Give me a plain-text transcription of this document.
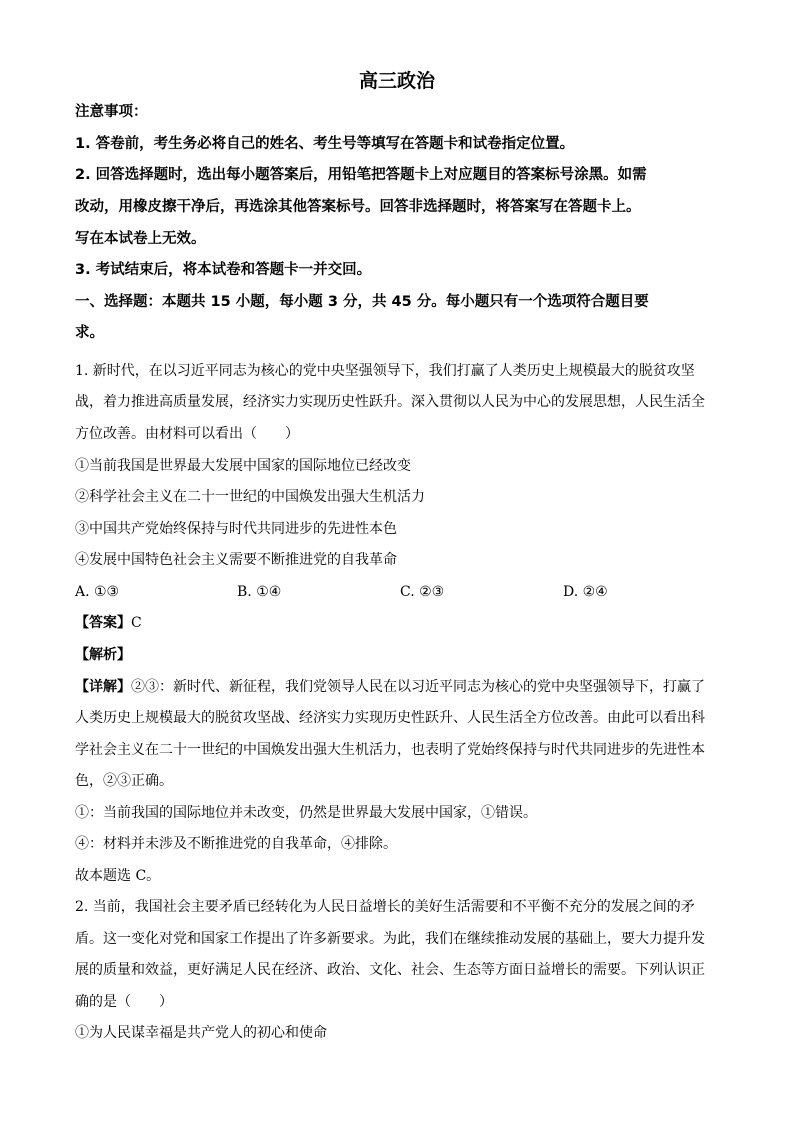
高三政治
注意事项：
1. 答卷前，考生务必将自己的姓名、考生号等填写在答题卡和试卷指定位置。
2. 回答选择题时，选出每小题答案后，用铅笔把答题卡上对应题目的答案标号涂黑。如需
改动，用橡皮擦干净后，再选涂其他答案标号。回答非选择题时，将答案写在答题卡上。
写在本试卷上无效。
3. 考试结束后，将本试卷和答题卡一并交回。
一、选择题：本题共 15 小题，每小题 3 分，共 45 分。每小题只有一个选项符合题目要
求。
1. 新时代，在以习近平同志为核心的党中央坚强领导下，我们打赢了人类历史上规模最大的脱贫攻坚
战，着力推进高质量发展，经济实力实现历史性跃升。深入贯彻以人民为中心的发展思想，人民生活全
方位改善。由材料可以看出（　　）
①当前我国是世界最大发展中国家的国际地位已经改变
②科学社会主义在二十一世纪的中国焕发出强大生机活力
③中国共产党始终保持与时代共同进步的先进性本色
④发展中国特色社会主义需要不断推进党的自我革命
A. ①③	B. ①④	C. ②③	D. ②④
【答案】C
【解析】
【详解】②③：新时代、新征程，我们党领导人民在以习近平同志为核心的党中央坚强领导下，打赢了
人类历史上规模最大的脱贫攻坚战、经济实力实现历史性跃升、人民生活全方位改善。由此可以看出科
学社会主义在二十一世纪的中国焕发出强大生机活力，也表明了党始终保持与时代共同进步的先进性本
色，②③正确。
①：当前我国的国际地位并未改变，仍然是世界最大发展中国家，①错误。
④：材料并未涉及不断推进党的自我革命，④排除。
故本题选 C。
2. 当前，我国社会主要矛盾已经转化为人民日益增长的美好生活需要和不平衡不充分的发展之间的矛
盾。这一变化对党和国家工作提出了许多新要求。为此，我们在继续推动发展的基础上，要大力提升发
展的质量和效益，更好满足人民在经济、政治、文化、社会、生态等方面日益增长的需要。下列认识正
确的是（　　）
①为人民谋幸福是共产党人的初心和使命
